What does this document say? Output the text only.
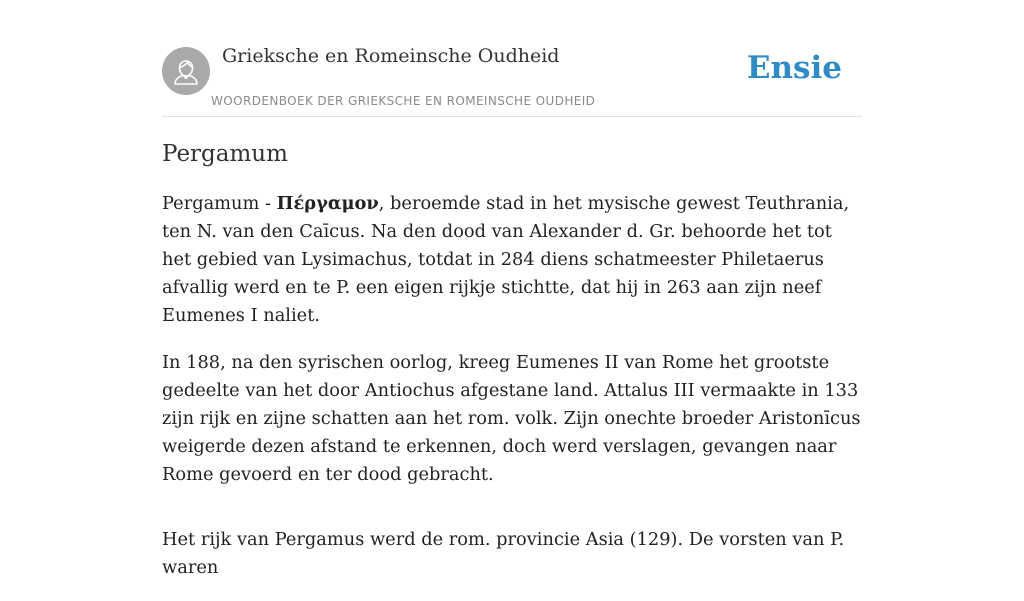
Grieksche en Romeinsche Oudheid
WOORDENBOEK DER GRIEKSCHE EN ROMEINSCHE OUDHEID
Ensie
Pergamum

Pergamum - Πέργαμον, beroemde stad in het mysische gewest Teuthrania, ten N. van den Caīcus. Na den dood van Alexander d. Gr. behoorde het tot het gebied van Lysimachus, totdat in 284 diens schatmeester Philetaerus afvallig werd en te P. een eigen rijkje stichtte, dat hij in 263 aan zijn neef Eumenes I naliet.

In 188, na den syrischen oorlog, kreeg Eumenes II van Rome het grootste gedeelte van het door Antiochus afgestane land. Attalus III vermaakte in 133 zijn rijk en zijne schatten aan het rom. volk. Zijn onechte broeder Aristonīcus weigerde dezen afstand te erkennen, doch werd verslagen, gevangen naar Rome gevoerd en ter dood gebracht.

Het rijk van Pergamus werd de rom. provincie Asia (129). De vorsten van P. waren
